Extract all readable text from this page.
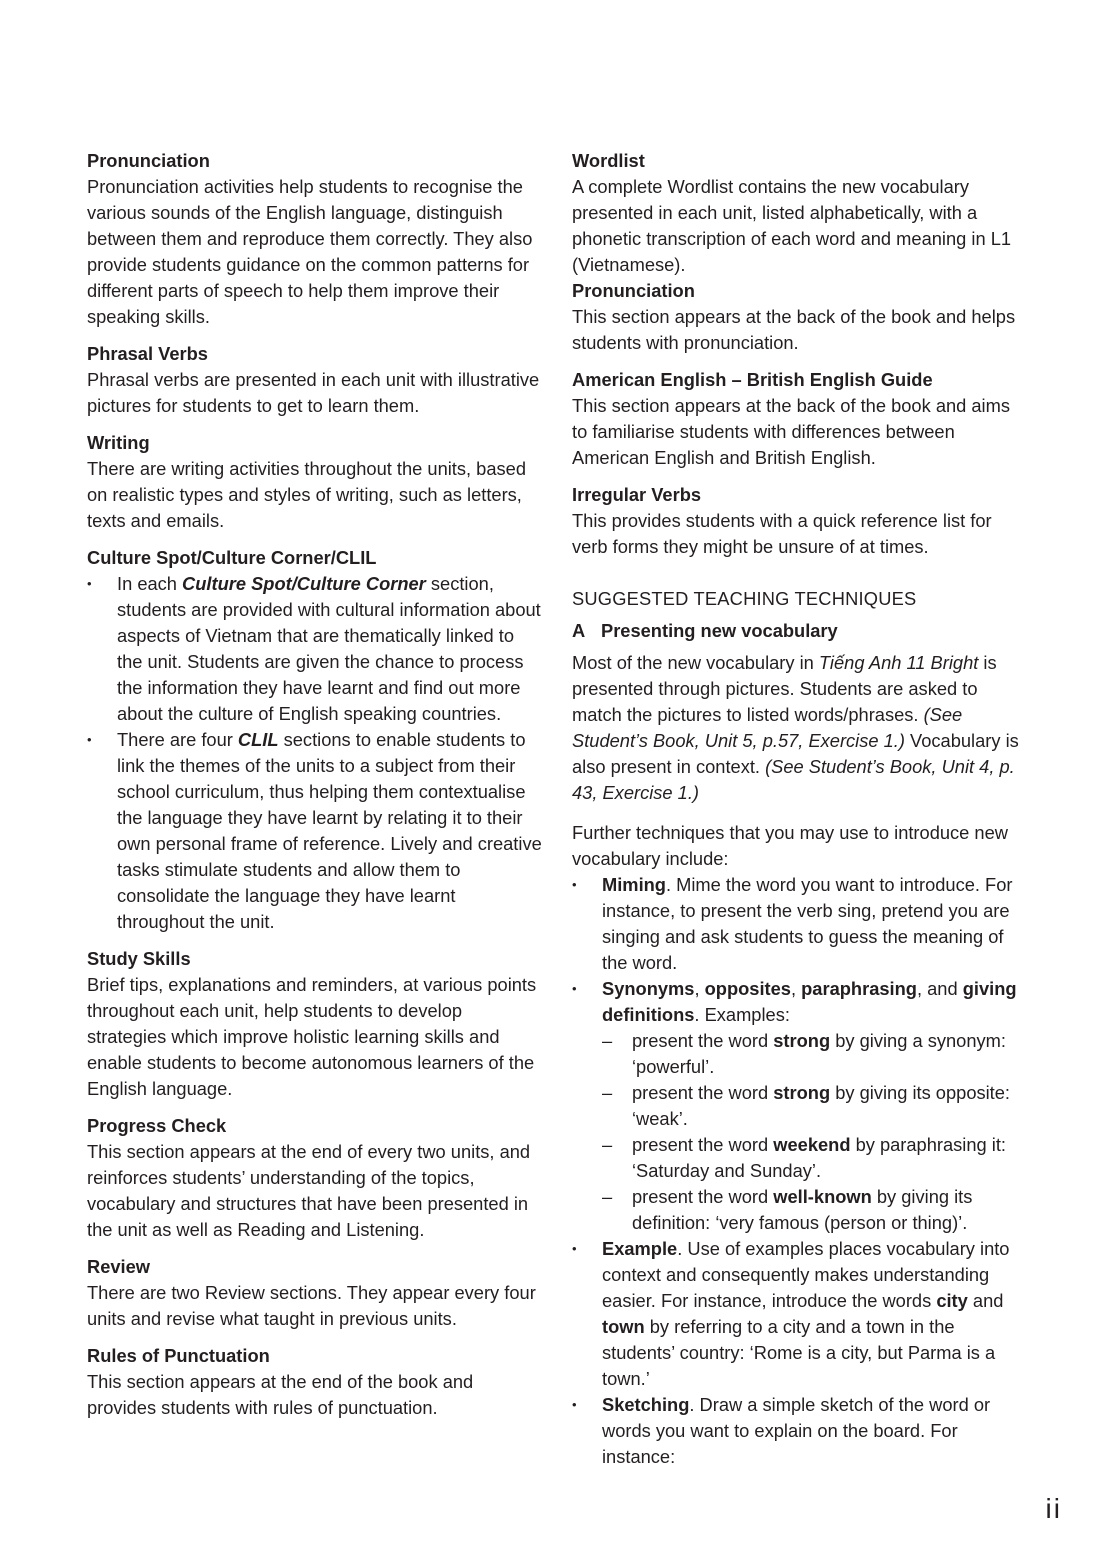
Pronunciation
Pronunciation activities help students to recognise the various sounds of the English language, distinguish between them and reproduce them correctly. They also provide students guidance on the common patterns for different parts of speech to help them improve their speaking skills.
Phrasal Verbs
Phrasal verbs are presented in each unit with illustrative pictures for students to get to learn them.
Writing
There are writing activities throughout the units, based on realistic types and styles of writing, such as letters, texts and emails.
Culture Spot/Culture Corner/CLIL
• In each Culture Spot/Culture Corner section, students are provided with cultural information about aspects of Vietnam that are thematically linked to the unit. Students are given the chance to process the information they have learnt and find out more about the culture of English speaking countries.
• There are four CLIL sections to enable students to link the themes of the units to a subject from their school curriculum, thus helping them contextualise the language they have learnt by relating it to their own personal frame of reference. Lively and creative tasks stimulate students and allow them to consolidate the language they have learnt throughout the unit.
Study Skills
Brief tips, explanations and reminders, at various points throughout each unit, help students to develop strategies which improve holistic learning skills and enable students to become autonomous learners of the English language.
Progress Check
This section appears at the end of every two units, and reinforces students’ understanding of the topics, vocabulary and structures that have been presented in the unit as well as Reading and Listening.
Review
There are two Review sections. They appear every four units and revise what taught in previous units.
Rules of Punctuation
This section appears at the end of the book and provides students with rules of punctuation.
Wordlist
A complete Wordlist contains the new vocabulary presented in each unit, listed alphabetically, with a phonetic transcription of each word and meaning in L1 (Vietnamese).
Pronunciation
This section appears at the back of the book and helps students with pronunciation.
American English – British English Guide
This section appears at the back of the book and aims to familiarise students with differences between American English and British English.
Irregular Verbs
This provides students with a quick reference list for verb forms they might be unsure of at times.
SUGGESTED TEACHING TECHNIQUES
A Presenting new vocabulary
Most of the new vocabulary in Tiếng Anh 11 Bright is presented through pictures. Students are asked to match the pictures to listed words/phrases. (See Student’s Book, Unit 5, p.57, Exercise 1.) Vocabulary is also present in context. (See Student’s Book, Unit 4, p. 43, Exercise 1.)
Further techniques that you may use to introduce new vocabulary include:
• Miming. Mime the word you want to introduce. For instance, to present the verb sing, pretend you are singing and ask students to guess the meaning of the word.
• Synonyms, opposites, paraphrasing, and giving definitions. Examples:
– present the word strong by giving a synonym: ‘powerful’.
– present the word strong by giving its opposite: ‘weak’.
– present the word weekend by paraphrasing it: ‘Saturday and Sunday’.
– present the word well-known by giving its definition: ‘very famous (person or thing)’.
• Example. Use of examples places vocabulary into context and consequently makes understanding easier. For instance, introduce the words city and town by referring to a city and a town in the students’ country: ‘Rome is a city, but Parma is a town.’
• Sketching. Draw a simple sketch of the word or words you want to explain on the board. For instance:
ii
